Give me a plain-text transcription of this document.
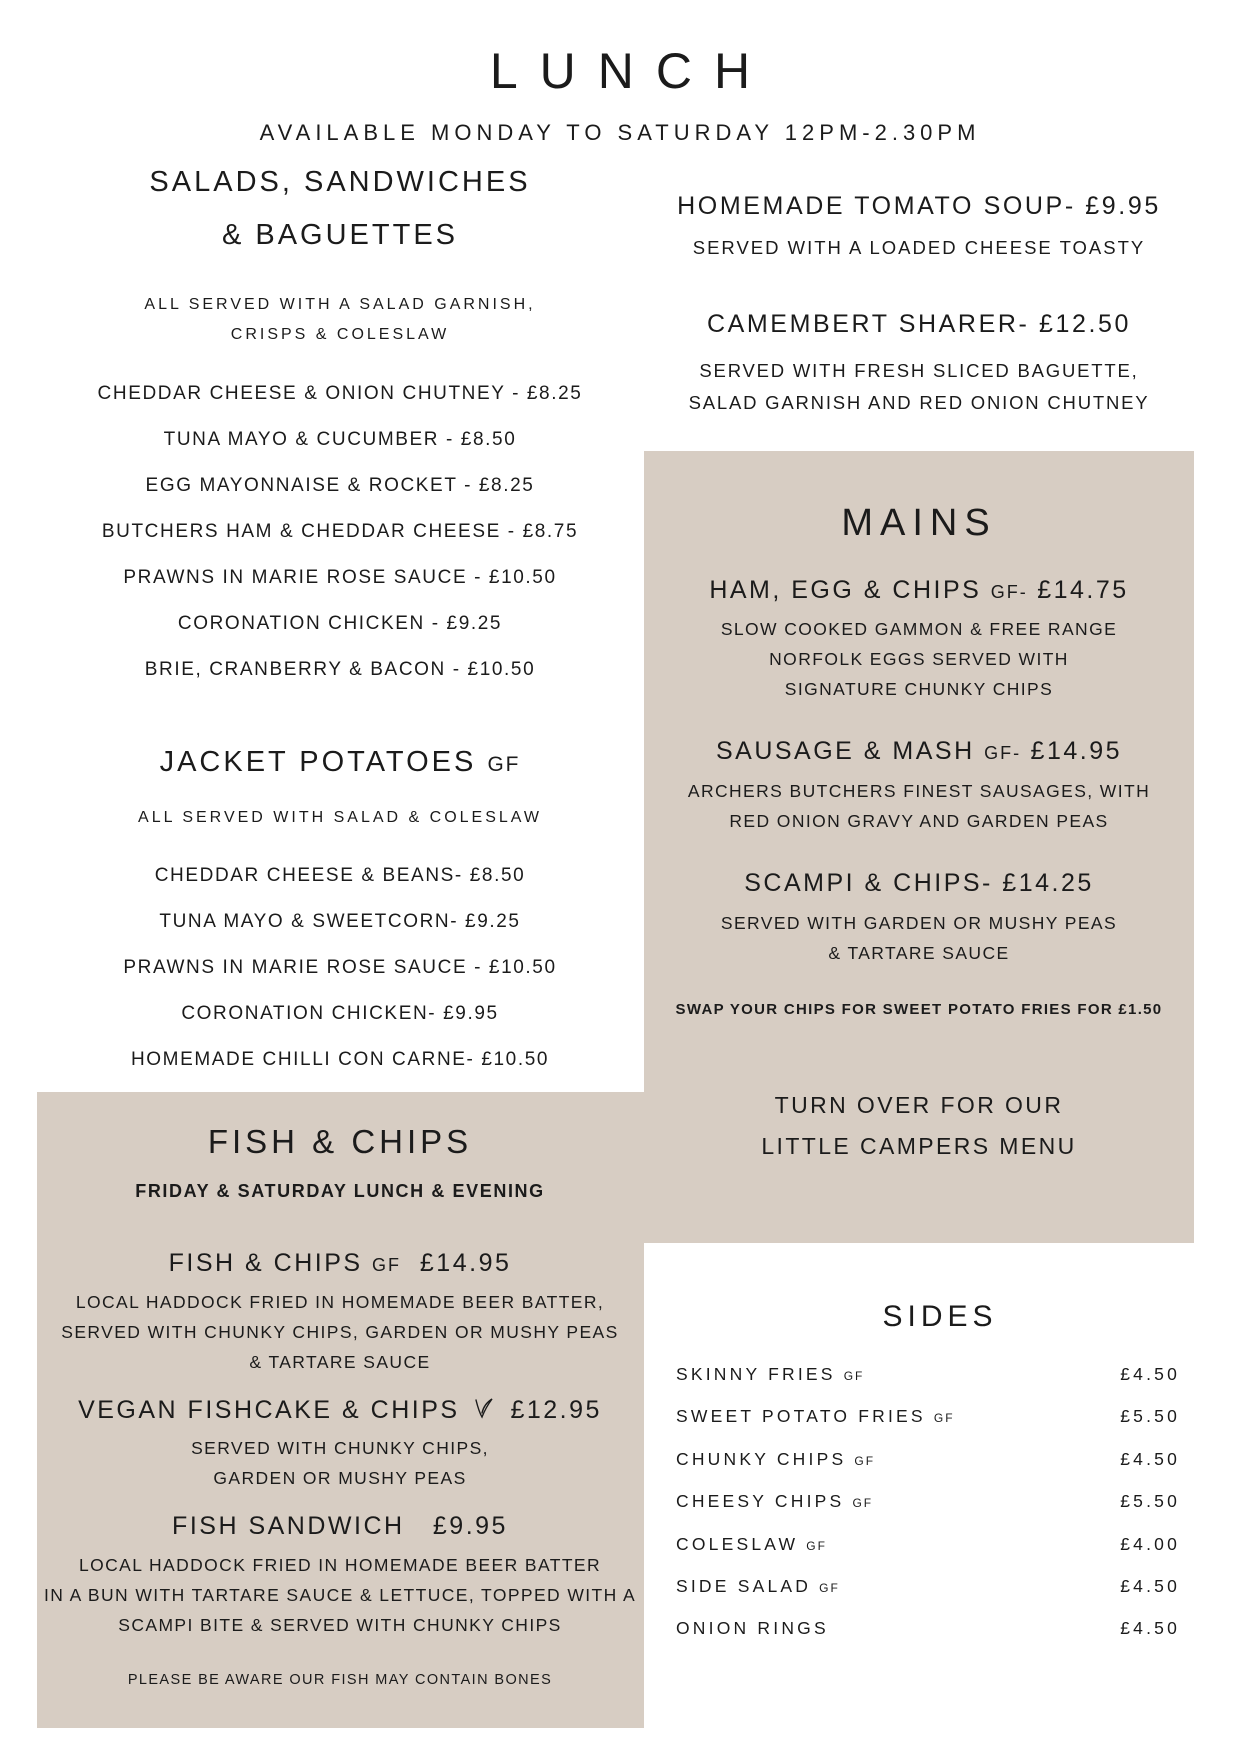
LUNCH
AVAILABLE MONDAY TO SATURDAY 12PM-2.30PM
SALADS, SANDWICHES
& BAGUETTES
ALL SERVED WITH A SALAD GARNISH,
CRISPS & COLESLAW
CHEDDAR CHEESE & ONION CHUTNEY - £8.25
TUNA MAYO & CUCUMBER - £8.50
EGG MAYONNAISE & ROCKET - £8.25
BUTCHERS HAM & CHEDDAR CHEESE - £8.75
PRAWNS IN MARIE ROSE SAUCE - £10.50
CORONATION CHICKEN - £9.25
BRIE, CRANBERRY & BACON - £10.50
JACKET POTATOES GF
ALL SERVED WITH SALAD & COLESLAW
CHEDDAR CHEESE & BEANS- £8.50
TUNA MAYO & SWEETCORN- £9.25
PRAWNS IN MARIE ROSE SAUCE - £10.50
CORONATION CHICKEN- £9.95
HOMEMADE CHILLI CON CARNE- £10.50
HOMEMADE TOMATO SOUP- £9.95
SERVED WITH A LOADED CHEESE TOASTY
CAMEMBERT SHARER- £12.50
SERVED WITH FRESH SLICED BAGUETTE,
SALAD GARNISH AND RED ONION CHUTNEY
MAINS
HAM, EGG & CHIPS GF- £14.75
SLOW COOKED GAMMON & FREE RANGE
NORFOLK EGGS SERVED WITH
SIGNATURE CHUNKY CHIPS
SAUSAGE & MASH GF- £14.95
ARCHERS BUTCHERS FINEST SAUSAGES, WITH
RED ONION GRAVY AND GARDEN PEAS
SCAMPI & CHIPS- £14.25
SERVED WITH GARDEN OR MUSHY PEAS
& TARTARE SAUCE
SWAP YOUR CHIPS FOR SWEET POTATO FRIES FOR £1.50
TURN OVER FOR OUR
LITTLE CAMPERS MENU
FISH & CHIPS
FRIDAY & SATURDAY LUNCH & EVENING
FISH & CHIPS GF £14.95
LOCAL HADDOCK FRIED IN HOMEMADE BEER BATTER,
SERVED WITH CHUNKY CHIPS, GARDEN OR MUSHY PEAS
& TARTARE SAUCE
VEGAN FISHCAKE & CHIPS £12.95
SERVED WITH CHUNKY CHIPS,
GARDEN OR MUSHY PEAS
FISH SANDWICH £9.95
LOCAL HADDOCK FRIED IN HOMEMADE BEER BATTER
IN A BUN WITH TARTARE SAUCE & LETTUCE, TOPPED WITH A
SCAMPI BITE & SERVED WITH CHUNKY CHIPS
PLEASE BE AWARE OUR FISH MAY CONTAIN BONES
SIDES
SKINNY FRIES GF	£4.50
SWEET POTATO FRIES GF	£5.50
CHUNKY CHIPS GF	£4.50
CHEESY CHIPS GF	£5.50
COLESLAW GF	£4.00
SIDE SALAD GF	£4.50
ONION RINGS	£4.50
